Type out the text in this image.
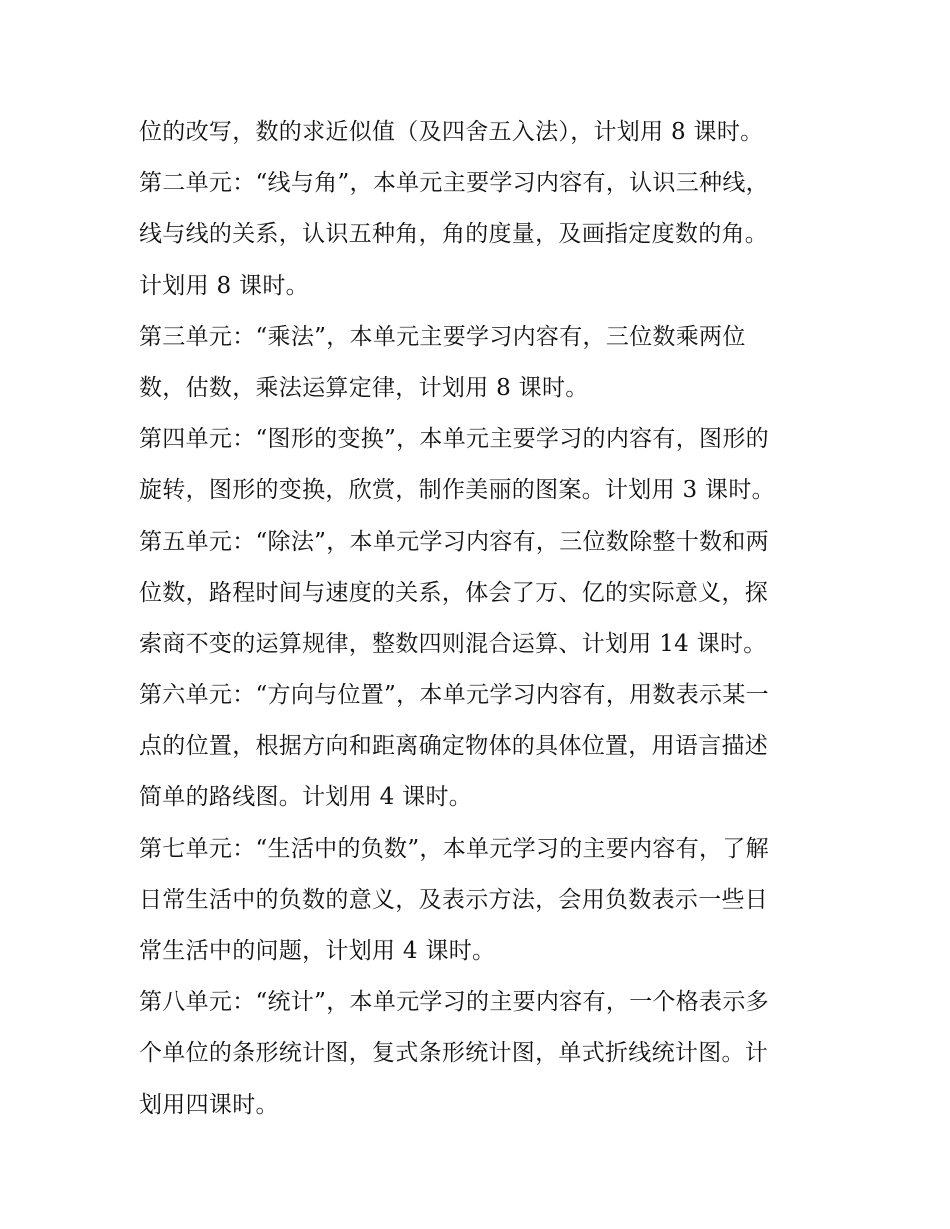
位的改写，数的求近似值（及四舍五入法），计划用 8 课时。
第二单元：“线与角”，本单元主要学习内容有，认识三种线，
线与线的关系，认识五种角，角的度量，及画指定度数的角。
计划用 8 课时。
第三单元：“乘法”，本单元主要学习内容有，三位数乘两位
数，估数，乘法运算定律，计划用 8 课时。
第四单元：“图形的变换”，本单元主要学习的内容有，图形的
旋转，图形的变换，欣赏，制作美丽的图案。计划用 3 课时。
第五单元：“除法”，本单元学习内容有，三位数除整十数和两
位数，路程时间与速度的关系，体会了万、亿的实际意义，探
索商不变的运算规律，整数四则混合运算、计划用 14 课时。
第六单元：“方向与位置”，本单元学习内容有，用数表示某一
点的位置，根据方向和距离确定物体的具体位置，用语言描述
简单的路线图。计划用 4 课时。
第七单元：“生活中的负数”，本单元学习的主要内容有，了解
日常生活中的负数的意义，及表示方法，会用负数表示一些日
常生活中的问题，计划用 4 课时。
第八单元：“统计”，本单元学习的主要内容有，一个格表示多
个单位的条形统计图，复式条形统计图，单式折线统计图。计
划用四课时。
